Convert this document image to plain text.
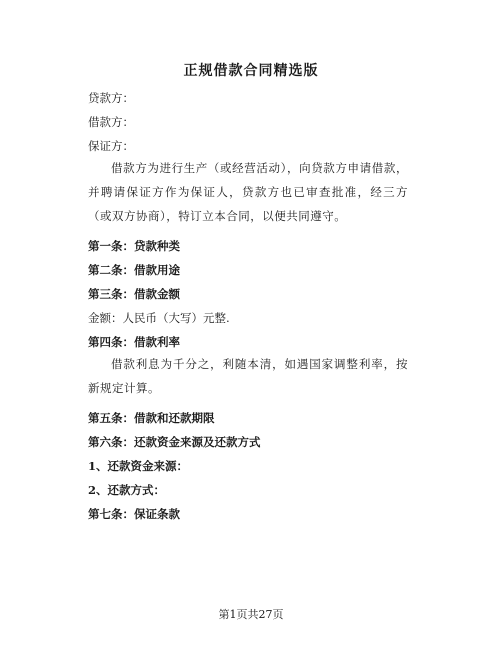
正规借款合同精选版
贷款方：
借款方：
保证方：
借款方为进行生产（或经营活动），向贷款方申请借款，并聘请保证方作为保证人，贷款方也已审查批准，经三方（或双方协商），特订立本合同，以便共同遵守。
第一条：贷款种类
第二条：借款用途
第三条：借款金额
金额：人民币（大写）元整.
第四条：借款利率
借款利息为千分之，利随本清，如遇国家调整利率，按新规定计算。
第五条：借款和还款期限
第六条：还款资金来源及还款方式
1、还款资金来源：
2、还款方式：
第七条：保证条款
第1页共27页
